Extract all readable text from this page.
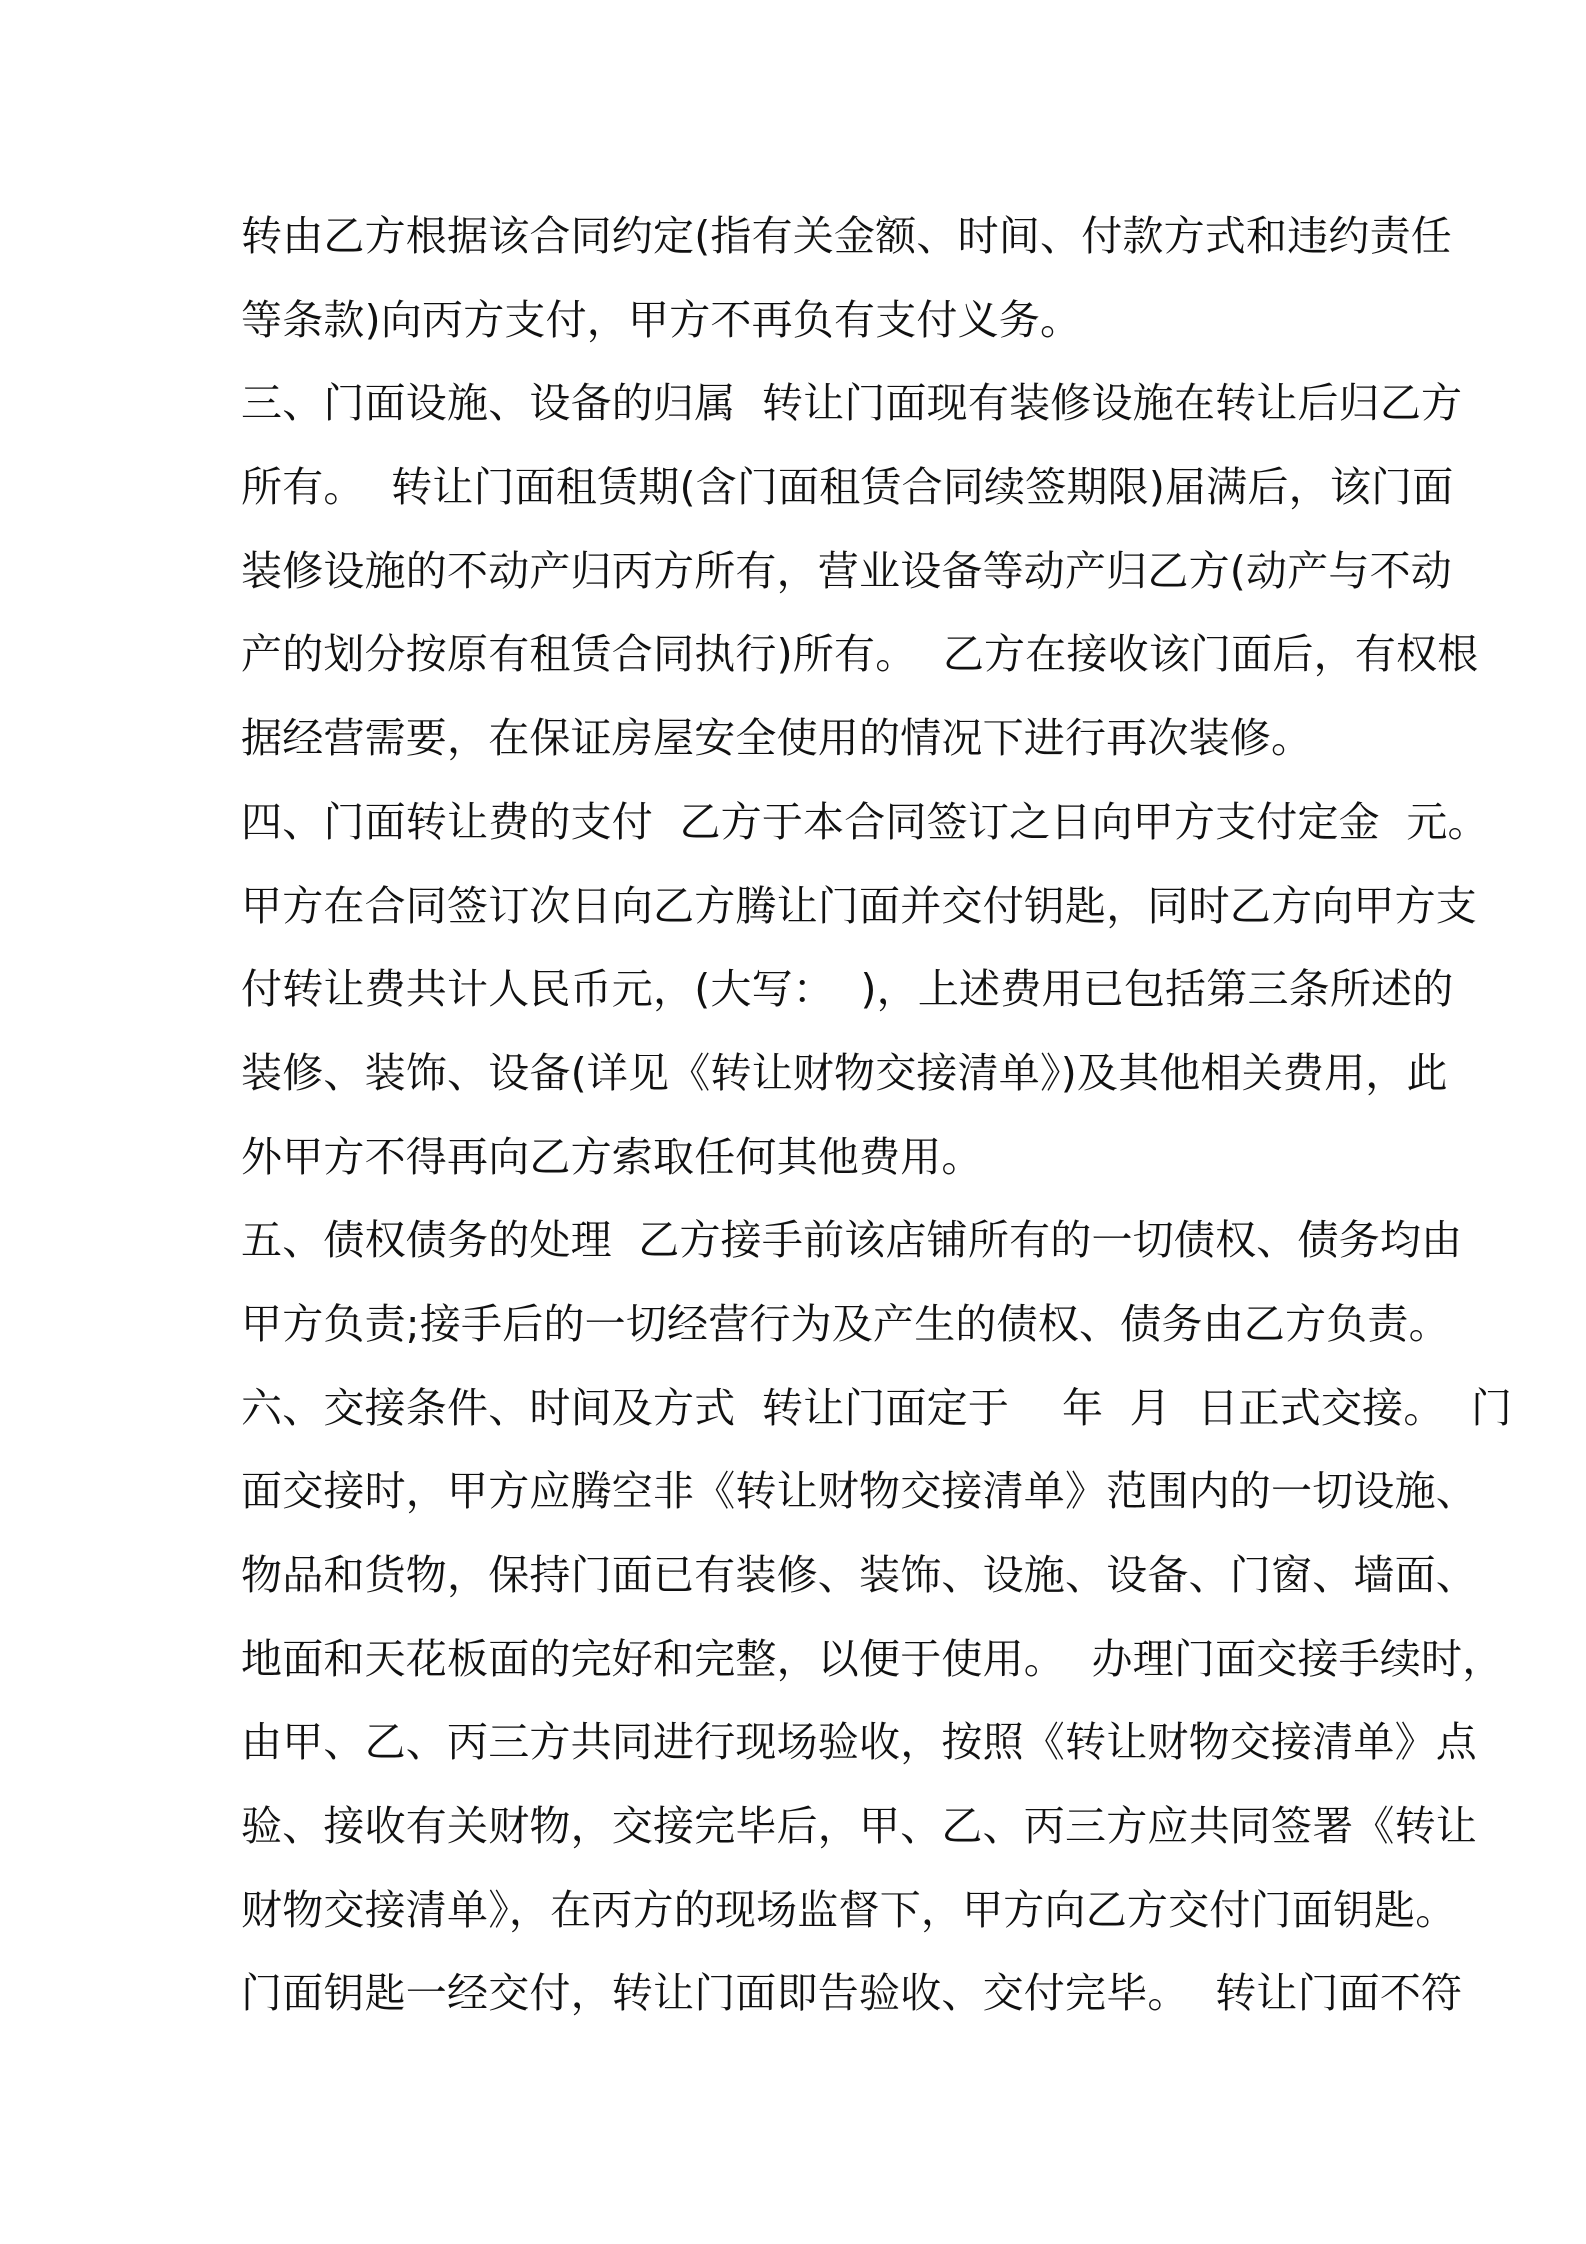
转由乙方根据该合同约定(指有关金额、时间、付款方式和违约责任
等条款)向丙方支付，甲方不再负有支付义务。
三、门面设施、设备的归属  转让门面现有装修设施在转让后归乙方
所有。  转让门面租赁期(含门面租赁合同续签期限)届满后，该门面
装修设施的不动产归丙方所有，营业设备等动产归乙方(动产与不动
产的划分按原有租赁合同执行)所有。  乙方在接收该门面后，有权根
据经营需要，在保证房屋安全使用的情况下进行再次装修。
四、门面转让费的支付  乙方于本合同签订之日向甲方支付定金  元。
甲方在合同签订次日向乙方腾让门面并交付钥匙，同时乙方向甲方支
付转让费共计人民币元，(大写：  )，上述费用已包括第三条所述的
装修、装饰、设备(详见《转让财物交接清单》)及其他相关费用，此
外甲方不得再向乙方索取任何其他费用。
五、债权债务的处理  乙方接手前该店铺所有的一切债权、债务均由
甲方负责;接手后的一切经营行为及产生的债权、债务由乙方负责。
六、交接条件、时间及方式  转让门面定于    年  月  日正式交接。  门
面交接时，甲方应腾空非《转让财物交接清单》范围内的一切设施、
物品和货物，保持门面已有装修、装饰、设施、设备、门窗、墙面、
地面和天花板面的完好和完整，以便于使用。  办理门面交接手续时，
由甲、乙、丙三方共同进行现场验收，按照《转让财物交接清单》点
验、接收有关财物，交接完毕后，甲、乙、丙三方应共同签署《转让
财物交接清单》，在丙方的现场监督下，甲方向乙方交付门面钥匙。
门面钥匙一经交付，转让门面即告验收、交付完毕。  转让门面不符
